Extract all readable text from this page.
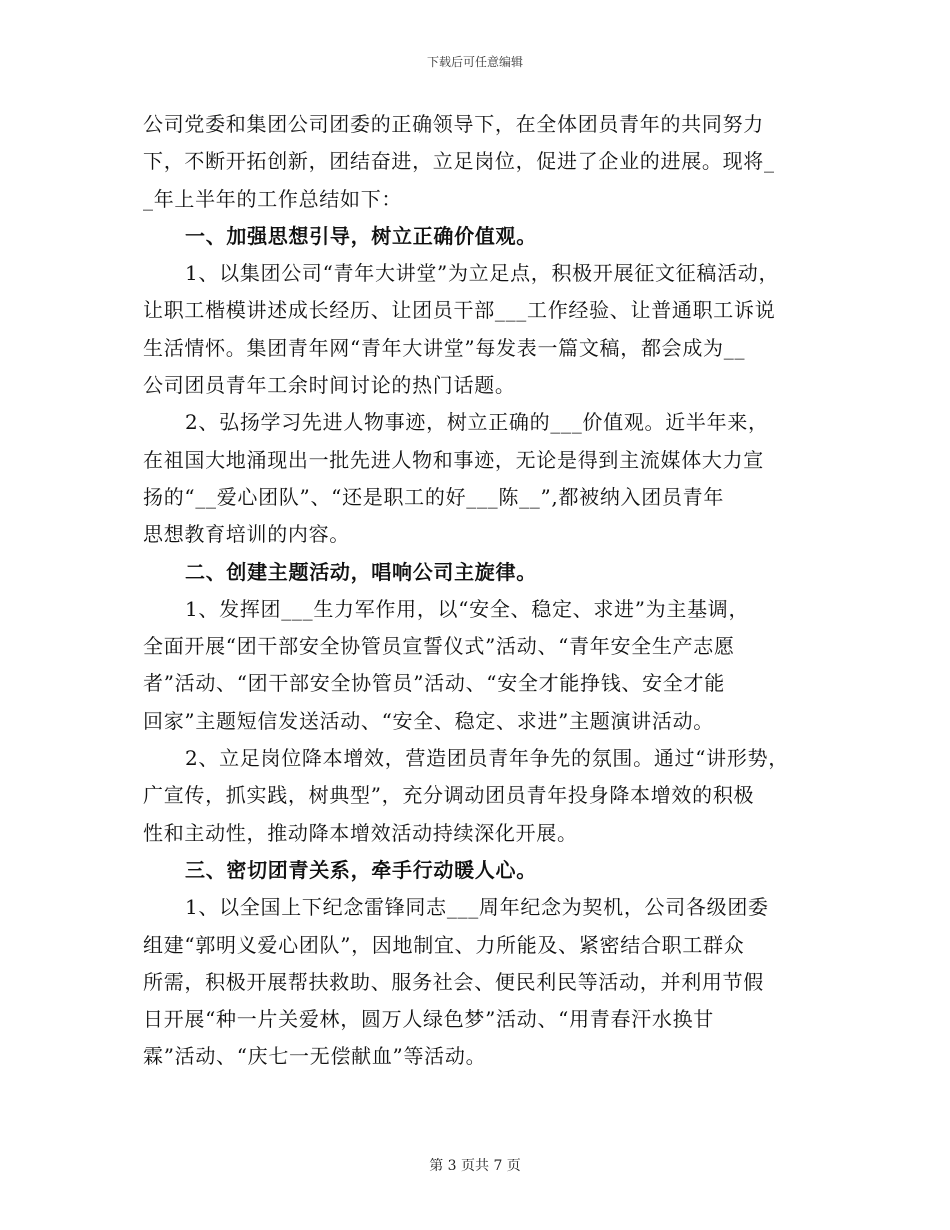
下载后可任意编辑

公司党委和集团公司团委的正确领导下，在全体团员青年的共同努力
下，不断开拓创新，团结奋进，立足岗位，促进了企业的进展。现将_
_年上半年的工作总结如下：

一、加强思想引导，树立正确价值观。
1、以集团公司“青年大讲堂”为立足点，积极开展征文征稿活动，
让职工楷模讲述成长经历、让团员干部___工作经验、让普通职工诉说
生活情怀。集团青年网“青年大讲堂”每发表一篇文稿，都会成为__
公司团员青年工余时间讨论的热门话题。
2、弘扬学习先进人物事迹，树立正确的___价值观。近半年来，
在祖国大地涌现出一批先进人物和事迹，无论是得到主流媒体大力宣
扬的“__爱心团队”、“还是职工的好___陈__”,都被纳入团员青年
思想教育培训的内容。

二、创建主题活动，唱响公司主旋律。
1、发挥团___生力军作用，以“安全、稳定、求进”为主基调，
全面开展“团干部安全协管员宣誓仪式”活动、“青年安全生产志愿
者”活动、“团干部安全协管员”活动、“安全才能挣钱、安全才能
回家”主题短信发送活动、“安全、稳定、求进”主题演讲活动。
2、立足岗位降本增效，营造团员青年争先的氛围。通过“讲形势，
广宣传，抓实践，树典型”，充分调动团员青年投身降本增效的积极
性和主动性，推动降本增效活动持续深化开展。

三、密切团青关系，牵手行动暖人心。
1、以全国上下纪念雷锋同志___周年纪念为契机，公司各级团委
组建“郭明义爱心团队”，因地制宜、力所能及、紧密结合职工群众
所需，积极开展帮扶救助、服务社会、便民利民等活动，并利用节假
日开展“种一片关爱林，圆万人绿色梦”活动、“用青春汗水换甘
霖”活动、“庆七一无偿献血”等活动。

第 3 页共 7 页
